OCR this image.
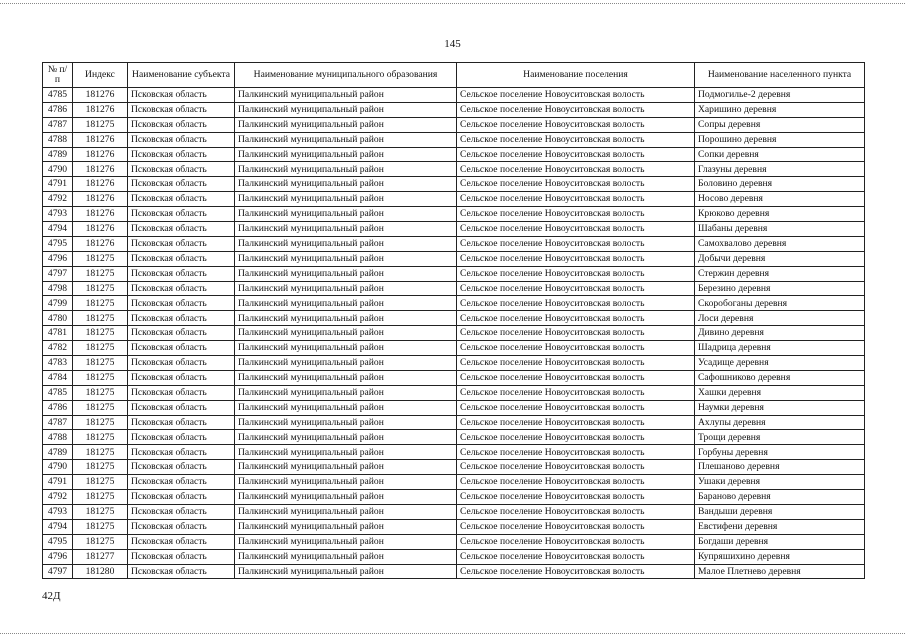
145
№ п/п	Индекс	Наименование субъекта	Наименование муниципального образования	Наименование поселения	Наименование населенного пункта
4785	181276	Псковская область	Палкинский муниципальный район	Сельское поселение Новоуситовская волость	Подмогилье-2 деревня
4786	181276	Псковская область	Палкинский муниципальный район	Сельское поселение Новоуситовская волость	Харишино деревня
4787	181275	Псковская область	Палкинский муниципальный район	Сельское поселение Новоуситовская волость	Сопры деревня
4788	181276	Псковская область	Палкинский муниципальный район	Сельское поселение Новоуситовская волость	Порошино деревня
4789	181276	Псковская область	Палкинский муниципальный район	Сельское поселение Новоуситовская волость	Сопки деревня
4790	181276	Псковская область	Палкинский муниципальный район	Сельское поселение Новоуситовская волость	Глазуны деревня
4791	181276	Псковская область	Палкинский муниципальный район	Сельское поселение Новоуситовская волость	Боловино деревня
4792	181276	Псковская область	Палкинский муниципальный район	Сельское поселение Новоуситовская волость	Носово деревня
4793	181276	Псковская область	Палкинский муниципальный район	Сельское поселение Новоуситовская волость	Крюково деревня
4794	181276	Псковская область	Палкинский муниципальный район	Сельское поселение Новоуситовская волость	Шабаны деревня
4795	181276	Псковская область	Палкинский муниципальный район	Сельское поселение Новоуситовская волость	Самохвалово деревня
4796	181275	Псковская область	Палкинский муниципальный район	Сельское поселение Новоуситовская волость	Добычи деревня
4797	181275	Псковская область	Палкинский муниципальный район	Сельское поселение Новоуситовская волость	Стержин деревня
4798	181275	Псковская область	Палкинский муниципальный район	Сельское поселение Новоуситовская волость	Березино деревня
4799	181275	Псковская область	Палкинский муниципальный район	Сельское поселение Новоуситовская волость	Скоробоганы деревня
4780	181275	Псковская область	Палкинский муниципальный район	Сельское поселение Новоуситовская волость	Лоси деревня
4781	181275	Псковская область	Палкинский муниципальный район	Сельское поселение Новоуситовская волость	Дивино деревня
4782	181275	Псковская область	Палкинский муниципальный район	Сельское поселение Новоуситовская волость	Шадрица деревня
4783	181275	Псковская область	Палкинский муниципальный район	Сельское поселение Новоуситовская волость	Усадище деревня
4784	181275	Псковская область	Палкинский муниципальный район	Сельское поселение Новоуситовская волость	Сафошниково деревня
4785	181275	Псковская область	Палкинский муниципальный район	Сельское поселение Новоуситовская волость	Хашки деревня
4786	181275	Псковская область	Палкинский муниципальный район	Сельское поселение Новоуситовская волость	Наумки деревня
4787	181275	Псковская область	Палкинский муниципальный район	Сельское поселение Новоуситовская волость	Ахлупы деревня
4788	181275	Псковская область	Палкинский муниципальный район	Сельское поселение Новоуситовская волость	Трощи деревня
4789	181275	Псковская область	Палкинский муниципальный район	Сельское поселение Новоуситовская волость	Горбуны деревня
4790	181275	Псковская область	Палкинский муниципальный район	Сельское поселение Новоуситовская волость	Плешаново деревня
4791	181275	Псковская область	Палкинский муниципальный район	Сельское поселение Новоуситовская волость	Ушаки деревня
4792	181275	Псковская область	Палкинский муниципальный район	Сельское поселение Новоуситовская волость	Бараново деревня
4793	181275	Псковская область	Палкинский муниципальный район	Сельское поселение Новоуситовская волость	Вандыши деревня
4794	181275	Псковская область	Палкинский муниципальный район	Сельское поселение Новоуситовская волость	Евстифени деревня
4795	181275	Псковская область	Палкинский муниципальный район	Сельское поселение Новоуситовская волость	Богдаши деревня
4796	181277	Псковская область	Палкинский муниципальный район	Сельское поселение Новоуситовская волость	Купряшихино деревня
4797	181280	Псковская область	Палкинский муниципальный район	Сельское поселение Новоуситовская волость	Малое Плетнево деревня
42Д
